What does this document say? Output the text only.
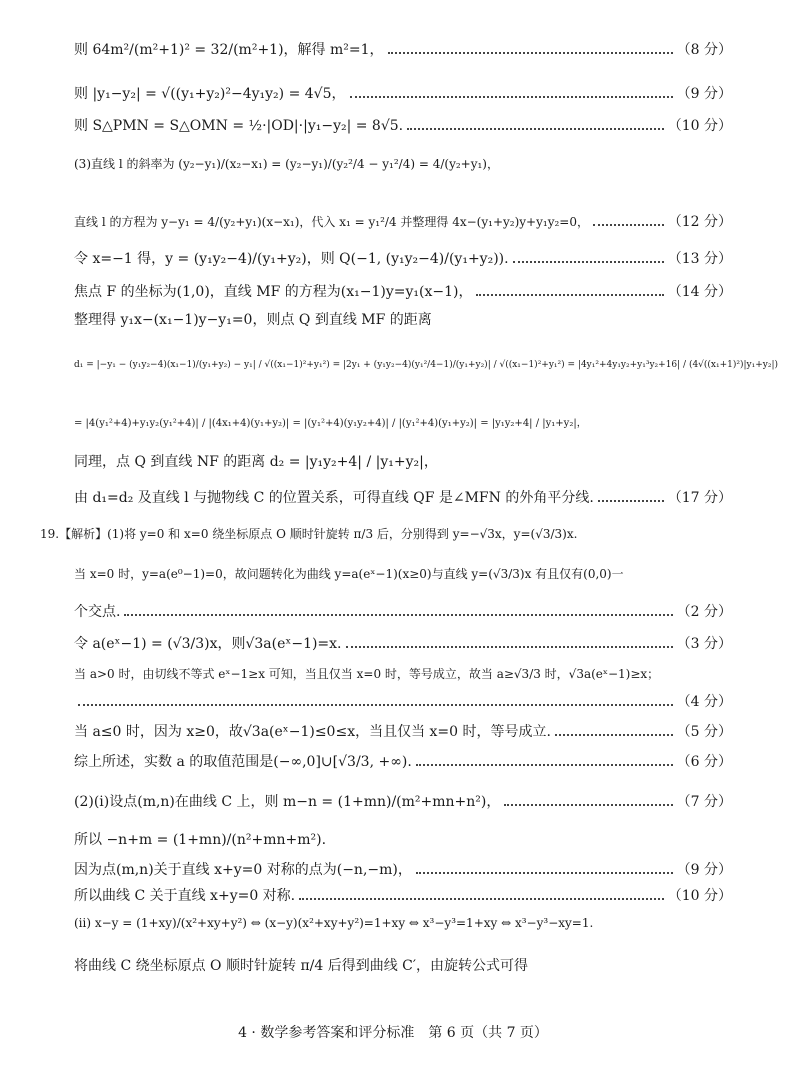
则 64m²/(m²+1)² = 32/(m²+1)，解得 m²=1，	（8 分）
则 |y₁−y₂| = √((y₁+y₂)²−4y₁y₂) = 4√5，	（9 分）
则 S△PMN = S△OMN = ½·|OD|·|y₁−y₂| = 8√5.	（10 分）
(3)直线 l 的斜率为 (y₂−y₁)/(x₂−x₁) = (y₂−y₁)/(y₂²/4 − y₁²/4) = 4/(y₂+y₁)，
直线 l 的方程为 y−y₁ = 4/(y₂+y₁)(x−x₁)，代入 x₁ = y₁²/4 并整理得 4x−(y₁+y₂)y+y₁y₂=0，	（12 分）
令 x=−1 得，y = (y₁y₂−4)/(y₁+y₂)，则 Q(−1, (y₁y₂−4)/(y₁+y₂)).	（13 分）
焦点 F 的坐标为(1,0)，直线 MF 的方程为(x₁−1)y=y₁(x−1)，	（14 分）
整理得 y₁x−(x₁−1)y−y₁=0，则点 Q 到直线 MF 的距离
d₁ = |−y₁ − (y₁y₂−4)(x₁−1)/(y₁+y₂) − y₁| / √((x₁−1)²+y₁²) = |2y₁ + (y₁y₂−4)(y₁²/4−1)/(y₁+y₂)| / √((x₁−1)²+y₁²) = |4y₁²+4y₁y₂+y₁³y₂+16| / (4√((x₁+1)²)|y₁+y₂|)
= |4(y₁²+4)+y₁y₂(y₁²+4)| / |(4x₁+4)(y₁+y₂)| = |(y₁²+4)(y₁y₂+4)| / |(y₁²+4)(y₁+y₂)| = |y₁y₂+4| / |y₁+y₂|，
同理，点 Q 到直线 NF 的距离 d₂ = |y₁y₂+4| / |y₁+y₂|，
由 d₁=d₂ 及直线 l 与抛物线 C 的位置关系，可得直线 QF 是∠MFN 的外角平分线.	（17 分）
19.【解析】(1)将 y=0 和 x=0 绕坐标原点 O 顺时针旋转 π/3 后，分别得到 y=−√3x，y=(√3/3)x.
当 x=0 时，y=a(e⁰−1)=0，故问题转化为曲线 y=a(eˣ−1)(x≥0)与直线 y=(√3/3)x 有且仅有(0,0)一
个交点.	（2 分）
令 a(eˣ−1) = (√3/3)x，则√3a(eˣ−1)=x.	（3 分）
当 a>0 时，由切线不等式 eˣ−1≥x 可知，当且仅当 x=0 时，等号成立，故当 a≥√3/3 时，√3a(eˣ−1)≥x；
（4 分）
当 a≤0 时，因为 x≥0，故√3a(eˣ−1)≤0≤x，当且仅当 x=0 时，等号成立.	（5 分）
综上所述，实数 a 的取值范围是(−∞,0]∪[√3/3, +∞).	（6 分）
(2)(ⅰ)设点(m,n)在曲线 C 上，则 m−n = (1+mn)/(m²+mn+n²)，	（7 分）
所以 −n+m = (1+mn)/(n²+mn+m²).
因为点(m,n)关于直线 x+y=0 对称的点为(−n,−m)，	（9 分）
所以曲线 C 关于直线 x+y=0 对称.	（10 分）
(ⅱ) x−y = (1+xy)/(x²+xy+y²) ⇔ (x−y)(x²+xy+y²)=1+xy ⇔ x³−y³=1+xy ⇔ x³−y³−xy=1.
将曲线 C 绕坐标原点 O 顺时针旋转 π/4 后得到曲线 C′，由旋转公式可得
4 · 数学参考答案和评分标准　第 6 页（共 7 页）
